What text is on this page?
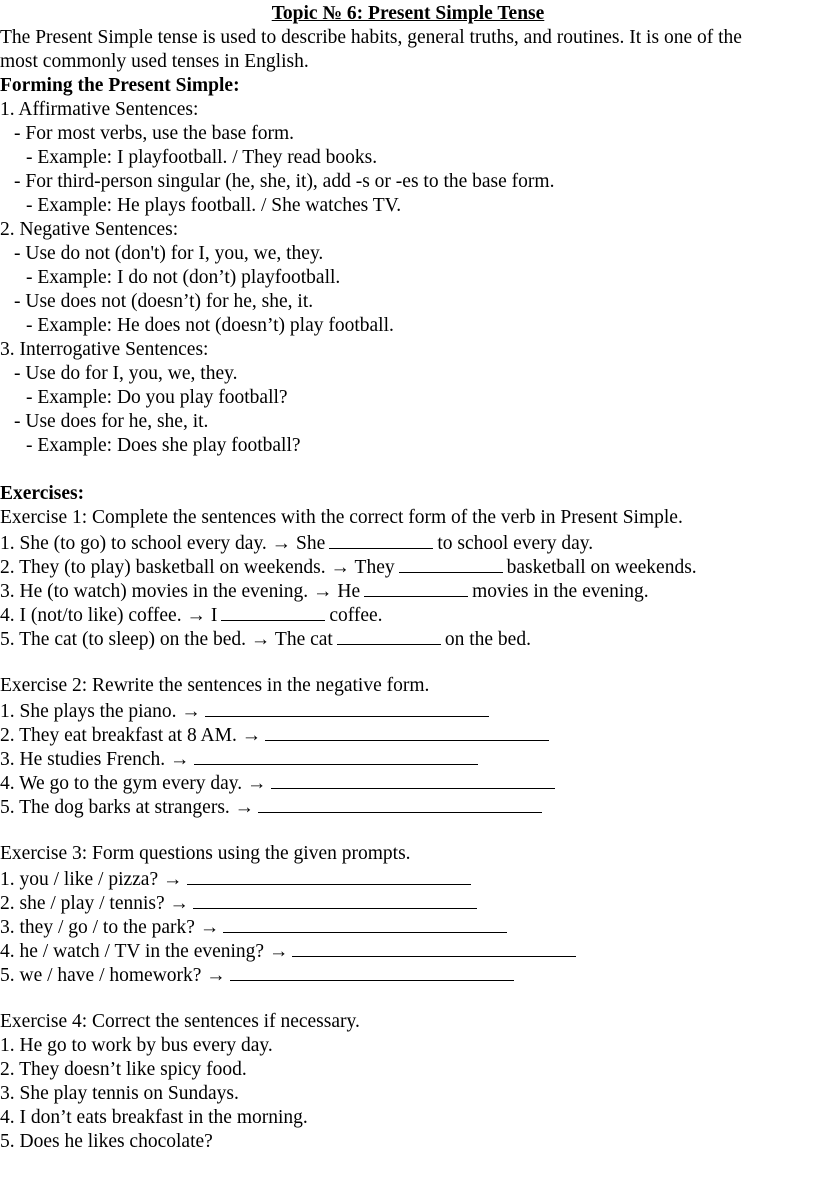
Topic № 6: Present Simple Tense
The Present Simple tense is used to describe habits, general truths, and routines. It is one of the
most commonly used tenses in English.
Forming the Present Simple:
1. Affirmative Sentences:
- For most verbs, use the base form.
- Example: I playfootball. / They read books.
- For third-person singular (he, she, it), add -s or -es to the base form.
- Example: He plays football. / She watches TV.
2. Negative Sentences:
- Use do not (don't) for I, you, we, they.
- Example: I do not (don’t) playfootball.
- Use does not (doesn’t) for he, she, it.
- Example: He does not (doesn’t) play football.
3. Interrogative Sentences:
- Use do for I, you, we, they.
- Example: Do you play football?
- Use does for he, she, it.
- Example: Does she play football?
Exercises:
Exercise 1: Complete the sentences with the correct form of the verb in Present Simple.
1. She (to go) to school every day. → She	to school every day.
2. They (to play) basketball on weekends. → They	basketball on weekends.
3. He (to watch) movies in the evening. → He	movies in the evening.
4. I (not/to like) coffee. → I	coffee.
5. The cat (to sleep) on the bed. → The cat	on the bed.
Exercise 2: Rewrite the sentences in the negative form.
1. She plays the piano. →
2. They eat breakfast at 8 AM. →
3. He studies French. →
4. We go to the gym every day. →
5. The dog barks at strangers. →
Exercise 3: Form questions using the given prompts.
1. you / like / pizza? →
2. she / play / tennis? →
3. they / go / to the park? →
4. he / watch / TV in the evening? →
5. we / have / homework? →
Exercise 4: Correct the sentences if necessary.
1. He go to work by bus every day.
2. They doesn’t like spicy food.
3. She play tennis on Sundays.
4. I don’t eats breakfast in the morning.
5. Does he likes chocolate?
